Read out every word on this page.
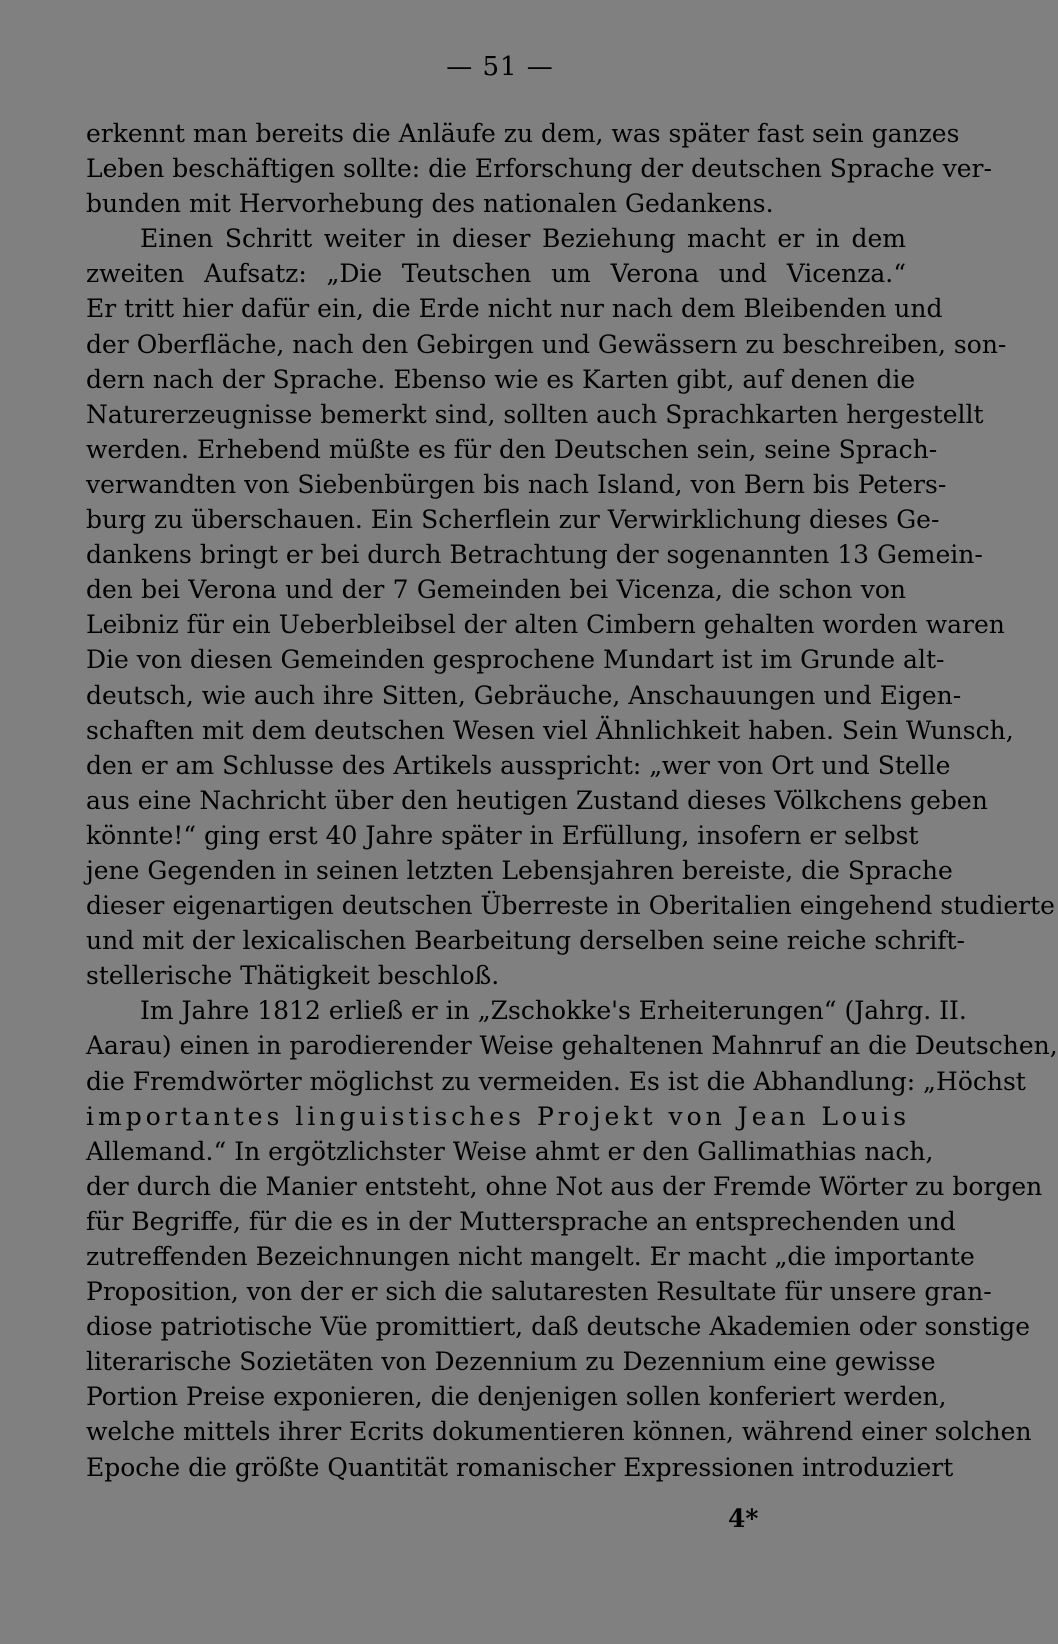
— 51 —
erkennt man bereits die Anläufe zu dem, was später fast sein ganzes
Leben beschäftigen sollte: die Erforschung der deutschen Sprache ver-
bunden mit Hervorhebung des nationalen Gedankens.
Einen Schritt weiter in dieser Beziehung macht er in dem
zweiten Aufsatz: „Die Teutschen um Verona und Vicenza.“
Er tritt hier dafür ein, die Erde nicht nur nach dem Bleibenden und
der Oberfläche, nach den Gebirgen und Gewässern zu beschreiben, son-
dern nach der Sprache. Ebenso wie es Karten gibt, auf denen die
Naturerzeugnisse bemerkt sind, sollten auch Sprachkarten hergestellt
werden. Erhebend müßte es für den Deutschen sein, seine Sprach-
verwandten von Siebenbürgen bis nach Island, von Bern bis Peters-
burg zu überschauen. Ein Scherflein zur Verwirklichung dieses Ge-
dankens bringt er bei durch Betrachtung der sogenannten 13 Gemein-
den bei Verona und der 7 Gemeinden bei Vicenza, die schon von
Leibniz für ein Ueberbleibsel der alten Cimbern gehalten worden waren
Die von diesen Gemeinden gesprochene Mundart ist im Grunde alt-
deutsch, wie auch ihre Sitten, Gebräuche, Anschauungen und Eigen-
schaften mit dem deutschen Wesen viel Ähnlichkeit haben. Sein Wunsch,
den er am Schlusse des Artikels ausspricht: „wer von Ort und Stelle
aus eine Nachricht über den heutigen Zustand dieses Völkchens geben
könnte!“ ging erst 40 Jahre später in Erfüllung, insofern er selbst
jene Gegenden in seinen letzten Lebensjahren bereiste, die Sprache
dieser eigenartigen deutschen Überreste in Oberitalien eingehend studierte
und mit der lexicalischen Bearbeitung derselben seine reiche schrift-
stellerische Thätigkeit beschloß.
Im Jahre 1812 erließ er in „Zschokke's Erheiterungen“ (Jahrg. II.
Aarau) einen in parodierender Weise gehaltenen Mahnruf an die Deutschen,
die Fremdwörter möglichst zu vermeiden. Es ist die Abhandlung: „Höchst
importantes linguistisches Projekt von Jean Louis
Allemand.“ In ergötzlichster Weise ahmt er den Gallimathias nach,
der durch die Manier entsteht, ohne Not aus der Fremde Wörter zu borgen
für Begriffe, für die es in der Muttersprache an entsprechenden und
zutreffenden Bezeichnungen nicht mangelt. Er macht „die importante
Proposition, von der er sich die salutaresten Resultate für unsere gran-
diose patriotische Vüe promittiert, daß deutsche Akademien oder sonstige
literarische Sozietäten von Dezennium zu Dezennium eine gewisse
Portion Preise exponieren, die denjenigen sollen konferiert werden,
welche mittels ihrer Ecrits dokumentieren können, während einer solchen
Epoche die größte Quantität romanischer Expressionen introduziert
4*
